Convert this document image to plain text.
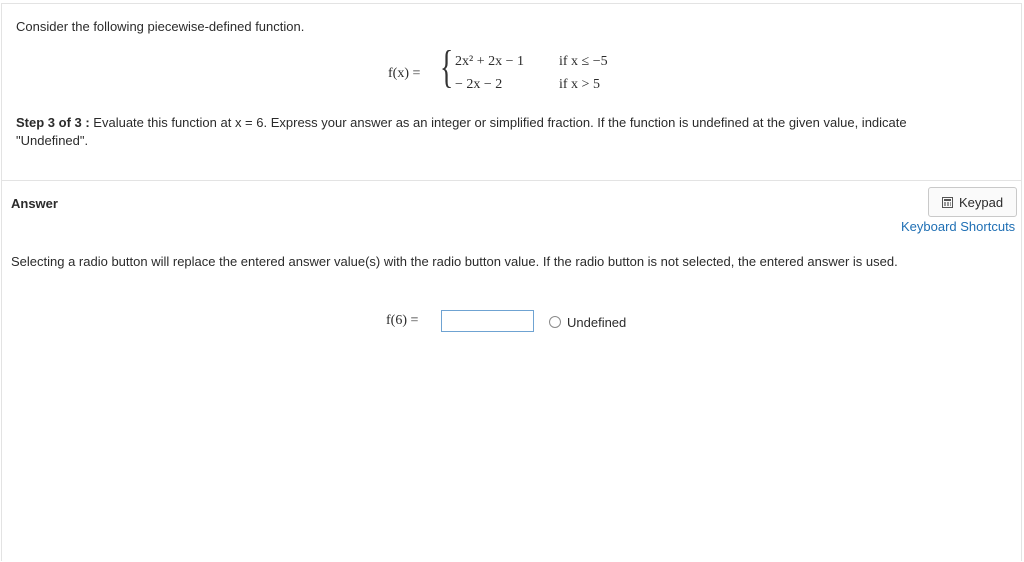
Consider the following piecewise-defined function.
f(x) = { 2x² + 2x − 1	if x ≤ −5
− 2x − 2	if x > 5
Step 3 of 3 : Evaluate this function at x = 6. Express your answer as an integer or simplified fraction. If the function is undefined at the given value, indicate "Undefined".
Answer	Keypad
Keyboard Shortcuts
Selecting a radio button will replace the entered answer value(s) with the radio button value. If the radio button is not selected, the entered answer is used.
f(6) =	Undefined
